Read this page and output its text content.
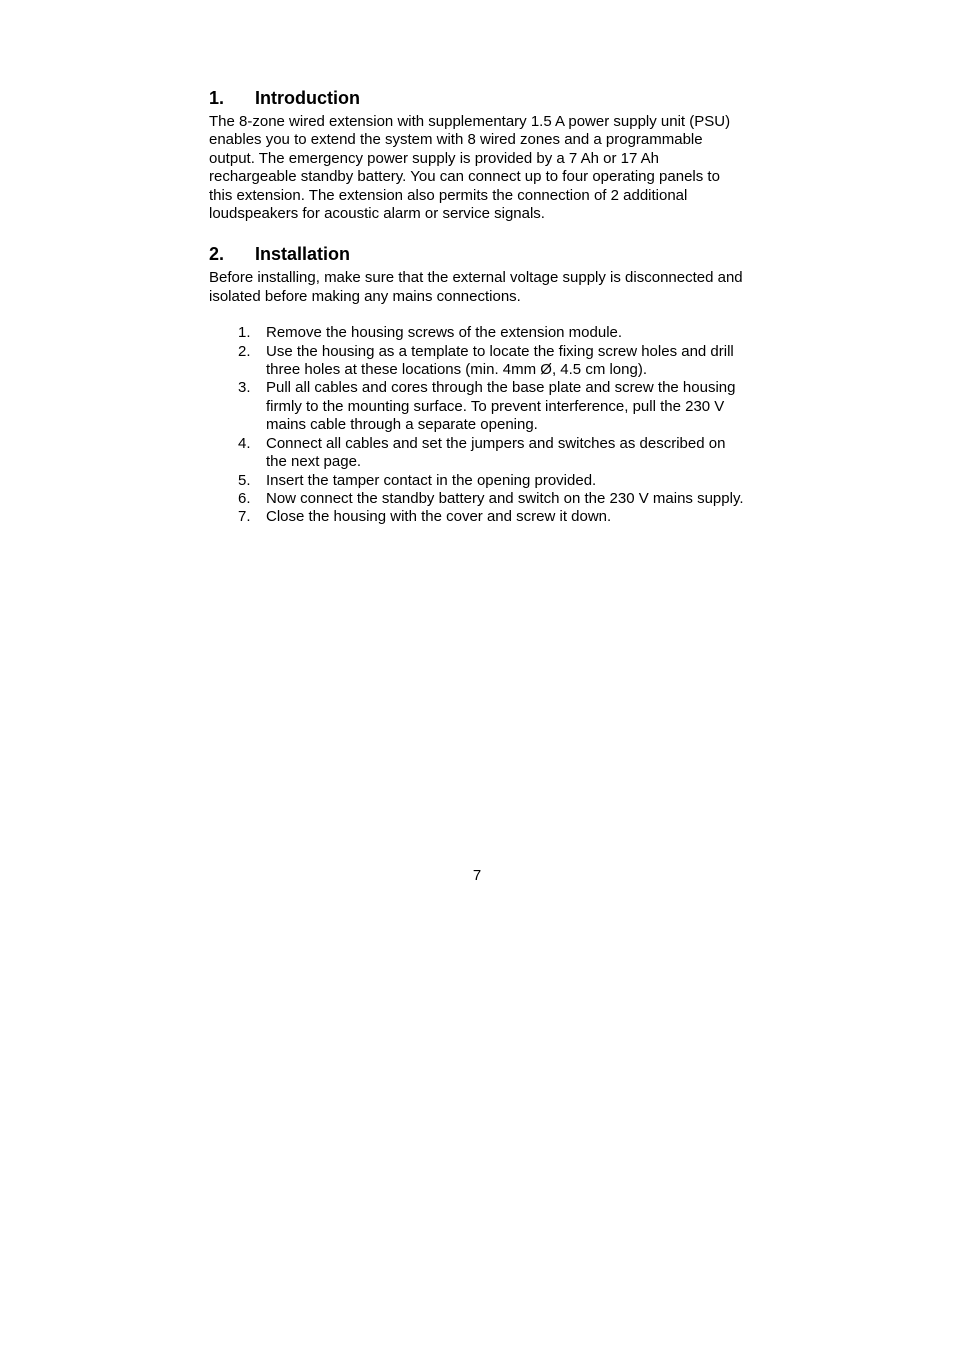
1.	Introduction

The 8-zone wired extension with supplementary 1.5 A power supply unit (PSU) enables you to extend the system with 8 wired zones and a programmable output. The emergency power supply is provided by a 7 Ah or 17 Ah rechargeable standby battery. You can connect up to four operating panels to this extension. The extension also permits the connection of 2 additional loudspeakers for acoustic alarm or service signals.

2.	Installation

Before installing, make sure that the external voltage supply is disconnected and isolated before making any mains connections.

1.	Remove the housing screws of the extension module.
2.	Use the housing as a template to locate the fixing screw holes and drill three holes at these locations (min. 4mm Ø, 4.5 cm long).
3.	Pull all cables and cores through the base plate and screw the housing firmly to the mounting surface. To prevent interference, pull the 230 V mains cable through a separate opening.
4.	Connect all cables and set the jumpers and switches as described on the next page.
5.	Insert the tamper contact in the opening provided.
6.	Now connect the standby battery and switch on the 230 V mains supply.
7.	Close the housing with the cover and screw it down.
7
